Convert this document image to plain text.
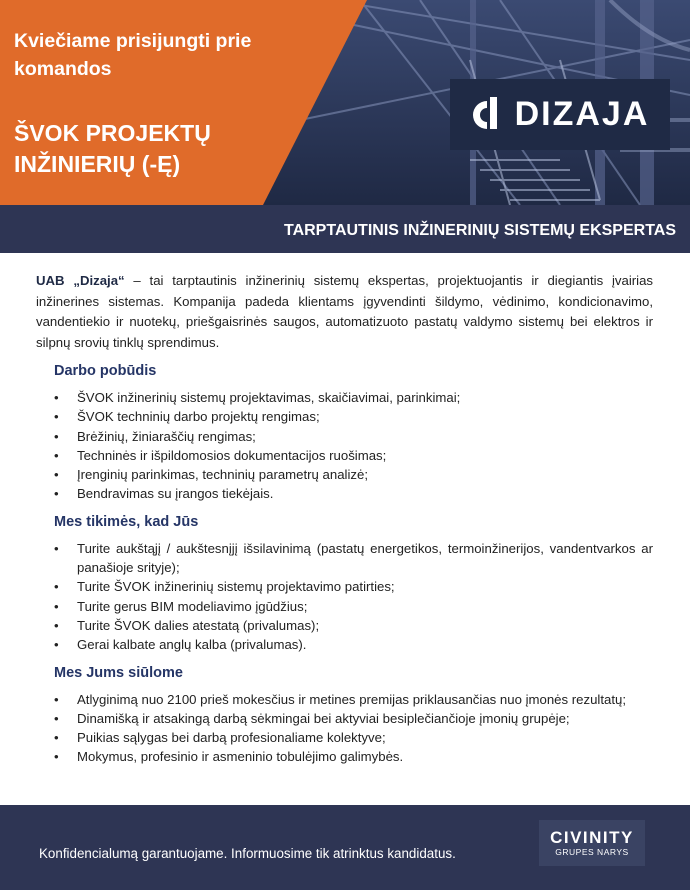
Kviečiame prisijungti prie komandos
ŠVOK PROJEKTŲ INŽINIERIŲ (-Ę)
DIZAJA
TARPTAUTINIS INŽINERINIŲ SISTEMŲ EKSPERTAS

UAB „Dizaja“ – tai tarptautinis inžinerinių sistemų ekspertas, projektuojantis ir diegiantis įvairias inžinerines sistemas. Kompanija padeda klientams įgyvendinti šildymo, vėdinimo, kondicionavimo, vandentiekio ir nuotekų, priešgaisrinės saugos, automatizuoto pastatų valdymo sistemų bei elektros ir silpnų srovių tinklų sprendimus.

Darbo pobūdis
•	ŠVOK inžinerinių sistemų projektavimas, skaičiavimai, parinkimai;
•	ŠVOK techninių darbo projektų rengimas;
•	Brėžinių, žiniaraščių rengimas;
•	Techninės ir išpildomosios dokumentacijos ruošimas;
•	Įrenginių parinkimas, techninių parametrų analizė;
•	Bendravimas su įrangos tiekėjais.
Mes tikimės, kad Jūs
•	Turite aukštąjį / aukštesnįjį išsilavinimą (pastatų energetikos, termoinžinerijos, vandentvarkos ar panašioje srityje);
•	Turite ŠVOK inžinerinių sistemų projektavimo patirties;
•	Turite gerus BIM modeliavimo įgūdžius;
•	Turite ŠVOK dalies atestatą (privalumas);
•	Gerai kalbate anglų kalba (privalumas).
Mes Jums siūlome
•	Atlyginimą nuo 2100 prieš mokesčius ir metines premijas priklausančias nuo įmonės rezultatų;
•	Dinamišką ir atsakingą darbą sėkmingai bei aktyviai besiplečiančioje įmonių grupėje;
•	Puikias sąlygas bei darbą profesionaliame kolektyve;
•	Mokymus, profesinio ir asmeninio tobulėjimo galimybės.
Konfidencialumą garantuojame. Informuosime tik atrinktus kandidatus.
CIVINITY
GRUPES NARYS
